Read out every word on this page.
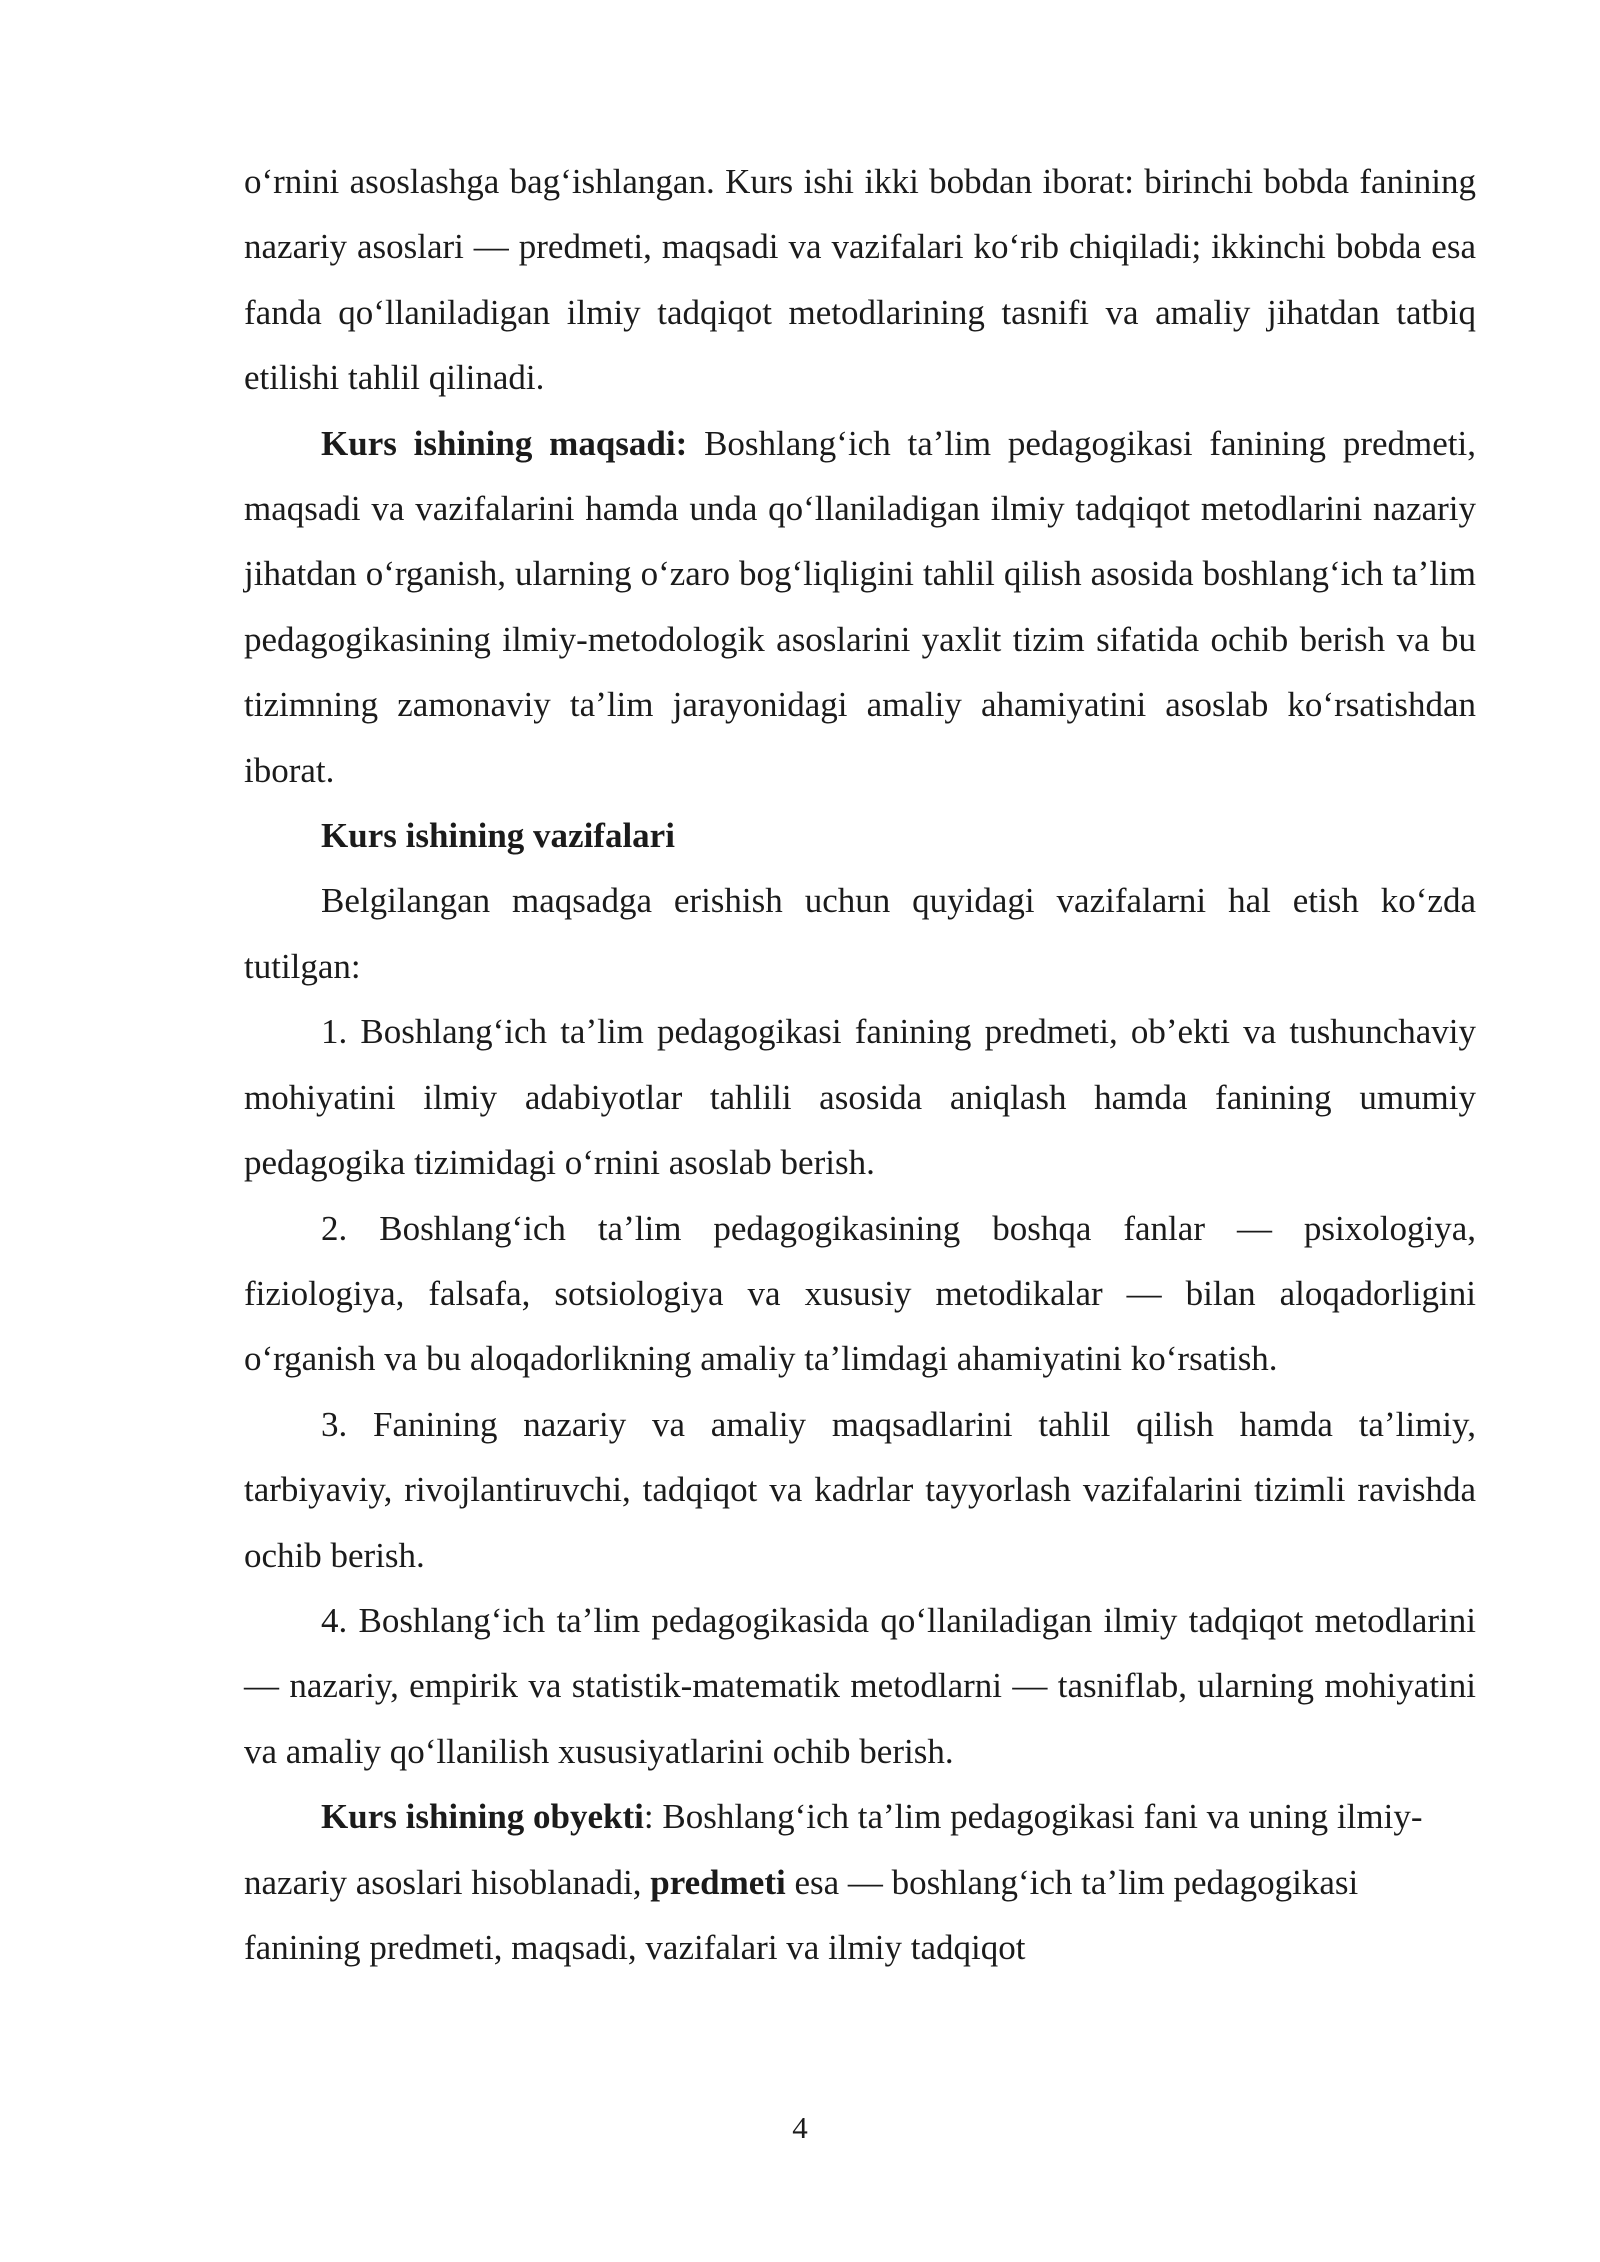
oʻrnini asoslashga bagʻishlangan. Kurs ishi ikki bobdan iborat: birinchi bobda fanining nazariy asoslari — predmeti, maqsadi va vazifalari koʻrib chiqiladi; ikkinchi bobda esa fanda qoʻllaniladigan ilmiy tadqiqot metodlarining tasnifi va amaliy jihatdan tatbiq etilishi tahlil qilinadi.

Kurs ishining maqsadi: Boshlangʻich taʼlim pedagogikasi fanining predmeti, maqsadi va vazifalarini hamda unda qoʻllaniladigan ilmiy tadqiqot metodlarini nazariy jihatdan oʻrganish, ularning oʻzaro bogʻliqligini tahlil qilish asosida boshlangʻich taʼlim pedagogikasining ilmiy-metodologik asoslarini yaxlit tizim sifatida ochib berish va bu tizimning zamonaviy taʼlim jarayonidagi amaliy ahamiyatini asoslab koʻrsatishdan iborat.

Kurs ishining vazifalari

Belgilangan maqsadga erishish uchun quyidagi vazifalarni hal etish koʻzda tutilgan:

1. Boshlangʻich taʼlim pedagogikasi fanining predmeti, obʼekti va tushunchaviy mohiyatini ilmiy adabiyotlar tahlili asosida aniqlash hamda fanining umumiy pedagogika tizimidagi oʻrnini asoslab berish.

2. Boshlangʻich taʼlim pedagogikasining boshqa fanlar — psixologiya, fiziologiya, falsafa, sotsiologiya va xususiy metodikalar — bilan aloqadorligini oʻrganish va bu aloqadorlikning amaliy taʼlimdagi ahamiyatini koʻrsatish.

3. Fanining nazariy va amaliy maqsadlarini tahlil qilish hamda taʼlimiy, tarbiyaviy, rivojlantiruvchi, tadqiqot va kadrlar tayyorlash vazifalarini tizimli ravishda ochib berish.

4. Boshlangʻich taʼlim pedagogikasida qoʻllaniladigan ilmiy tadqiqot metodlarini — nazariy, empirik va statistik-matematik metodlarni — tasniflab, ularning mohiyatini va amaliy qoʻllanilish xususiyatlarini ochib berish.

Kurs ishining obyekti: Boshlangʻich taʼlim pedagogikasi fani va uning ilmiy-nazariy asoslari hisoblanadi, predmeti esa — boshlangʻich taʼlim pedagogikasi fanining predmeti, maqsadi, vazifalari va ilmiy tadqiqot

4
